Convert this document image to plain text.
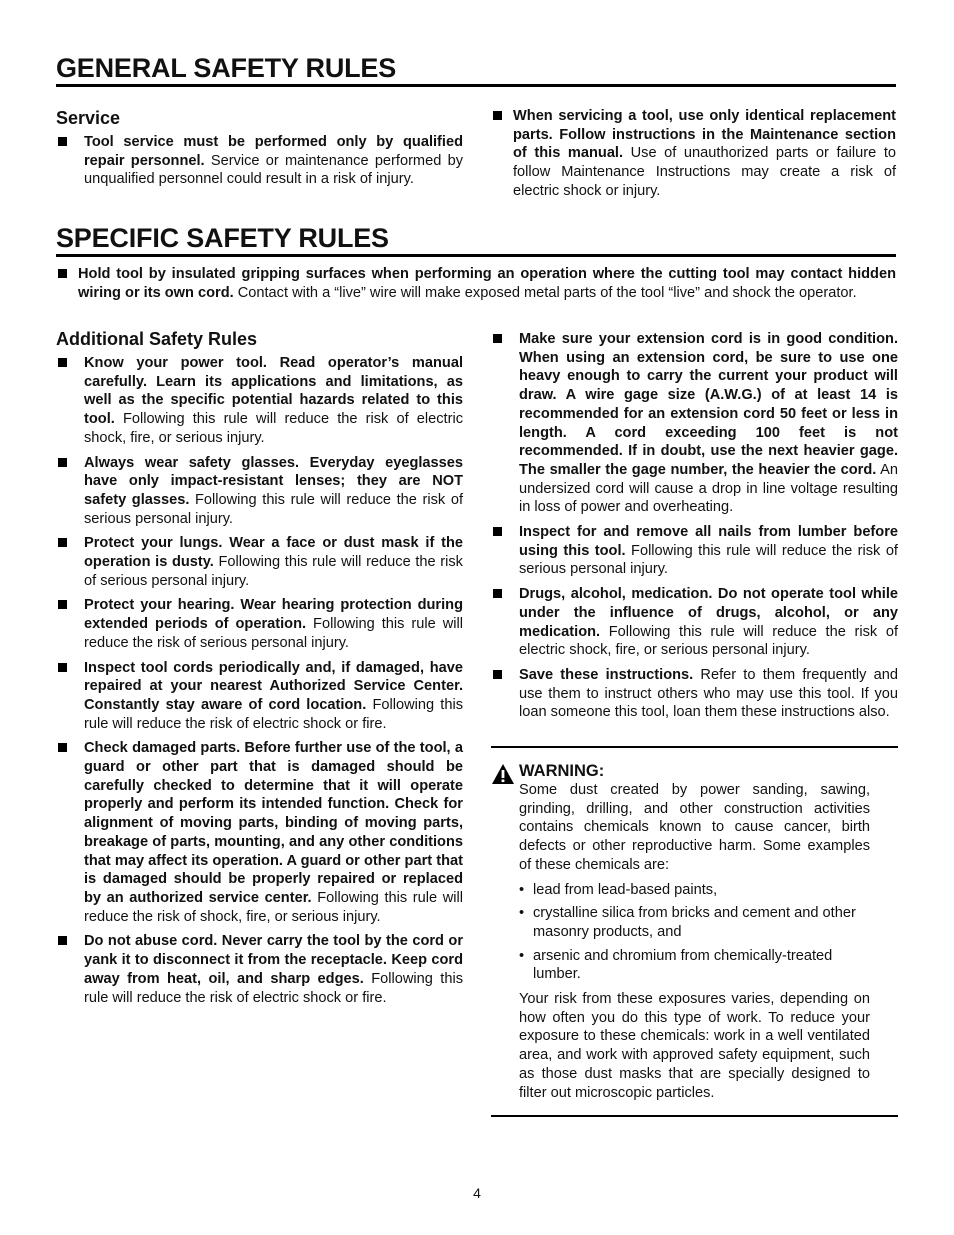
GENERAL SAFETY RULES
Service
Tool service must be performed only by qualified repair personnel. Service or maintenance performed by unqualified personnel could result in a risk of injury.
When servicing a tool, use only identical replacement parts. Follow instructions in the Maintenance section of this manual. Use of unauthorized parts or failure to follow Maintenance Instructions may create a risk of electric shock or injury.
SPECIFIC SAFETY RULES
Hold tool by insulated gripping surfaces when performing an operation where the cutting tool may contact hidden wiring or its own cord. Contact with a “live” wire will make exposed metal parts of the tool “live” and shock the operator.
Additional Safety Rules
Know your power tool. Read operator’s manual carefully. Learn its applications and limitations, as well as the specific potential hazards related to this tool. Following this rule will reduce the risk of electric shock, fire, or serious injury.
Always wear safety glasses. Everyday eyeglasses have only impact-resistant lenses; they are NOT safety glasses. Following this rule will reduce the risk of serious personal injury.
Protect your lungs. Wear a face or dust mask if the operation is dusty. Following this rule will reduce the risk of serious personal injury.
Protect your hearing. Wear hearing protection during extended periods of operation. Following this rule will reduce the risk of serious personal injury.
Inspect tool cords periodically and, if damaged, have repaired at your nearest Authorized Service Center. Constantly stay aware of cord location. Following this rule will reduce the risk of electric shock or fire.
Check damaged parts. Before further use of the tool, a guard or other part that is damaged should be carefully checked to determine that it will operate properly and perform its intended function. Check for alignment of moving parts, binding of moving parts, breakage of parts, mounting, and any other conditions that may affect its operation. A guard or other part that is damaged should be properly repaired or replaced by an authorized service center. Following this rule will reduce the risk of shock, fire, or serious injury.
Do not abuse cord. Never carry the tool by the cord or yank it to disconnect it from the receptacle. Keep cord away from heat, oil, and sharp edges. Following this rule will reduce the risk of electric shock or fire.
Make sure your extension cord is in good condition. When using an extension cord, be sure to use one heavy enough to carry the current your product will draw. A wire gage size (A.W.G.) of at least 14 is recommended for an extension cord 50 feet or less in length. A cord exceeding 100 feet is not recommended. If in doubt, use the next heavier gage. The smaller the gage number, the heavier the cord. An undersized cord will cause a drop in line voltage resulting in loss of power and overheating.
Inspect for and remove all nails from lumber before using this tool. Following this rule will reduce the risk of serious personal injury.
Drugs, alcohol, medication. Do not operate tool while under the influence of drugs, alcohol, or any medication. Following this rule will reduce the risk of electric shock, fire, or serious personal injury.
Save these instructions. Refer to them frequently and use them to instruct others who may use this tool. If you loan someone this tool, loan them these instructions also.
WARNING:
Some dust created by power sanding, sawing, grinding, drilling, and other construction activities contains chemicals known to cause cancer, birth defects or other reproductive harm. Some examples of these chemicals are:
• lead from lead-based paints,
• crystalline silica from bricks and cement and other masonry products, and
• arsenic and chromium from chemically-treated lumber.
Your risk from these exposures varies, depending on how often you do this type of work. To reduce your exposure to these chemicals: work in a well ventilated area, and work with approved safety equipment, such as those dust masks that are specially designed to filter out microscopic particles.
4
